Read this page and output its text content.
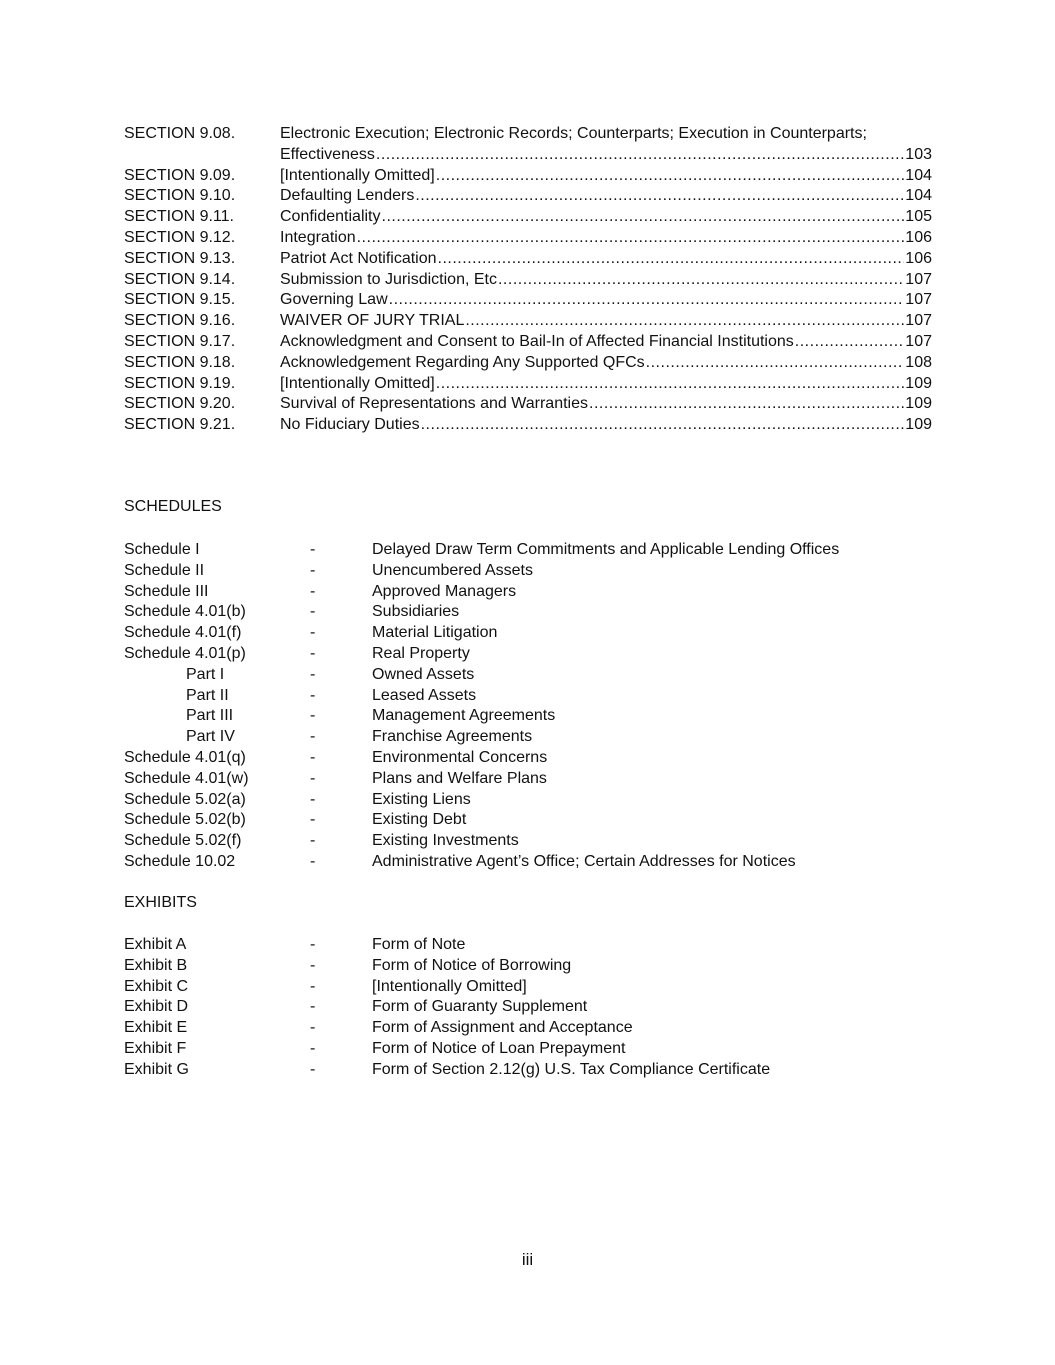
SECTION 9.08.	Electronic Execution; Electronic Records; Counterparts; Execution in Counterparts;
Effectiveness .....	103
SECTION 9.09.	[Intentionally Omitted] .....	104
SECTION 9.10.	Defaulting Lenders .....	104
SECTION 9.11.	Confidentiality .....	105
SECTION 9.12.	Integration .....	106
SECTION 9.13.	Patriot Act Notification .....	106
SECTION 9.14.	Submission to Jurisdiction, Etc .....	107
SECTION 9.15.	Governing Law .....	107
SECTION 9.16.	WAIVER OF JURY TRIAL .....	107
SECTION 9.17.	Acknowledgment and Consent to Bail-In of Affected Financial Institutions .....	107
SECTION 9.18.	Acknowledgement Regarding Any Supported QFCs .....	108
SECTION 9.19.	[Intentionally Omitted] .....	109
SECTION 9.20.	Survival of Representations and Warranties .....	109
SECTION 9.21.	No Fiduciary Duties .....	109
SCHEDULES
Schedule I	-	Delayed Draw Term Commitments and Applicable Lending Offices
Schedule II	-	Unencumbered Assets
Schedule III	-	Approved Managers
Schedule 4.01(b)	-	Subsidiaries
Schedule 4.01(f)	-	Material Litigation
Schedule 4.01(p)	-	Real Property
Part I	-	Owned Assets
Part II	-	Leased Assets
Part III	-	Management Agreements
Part IV	-	Franchise Agreements
Schedule 4.01(q)	-	Environmental Concerns
Schedule 4.01(w)	-	Plans and Welfare Plans
Schedule 5.02(a)	-	Existing Liens
Schedule 5.02(b)	-	Existing Debt
Schedule 5.02(f)	-	Existing Investments
Schedule 10.02	-	Administrative Agent’s Office; Certain Addresses for Notices
EXHIBITS
Exhibit A	-	Form of Note
Exhibit B	-	Form of Notice of Borrowing
Exhibit C	-	[Intentionally Omitted]
Exhibit D	-	Form of Guaranty Supplement
Exhibit E	-	Form of Assignment and Acceptance
Exhibit F	-	Form of Notice of Loan Prepayment
Exhibit G	-	Form of Section 2.12(g) U.S. Tax Compliance Certificate
iii
